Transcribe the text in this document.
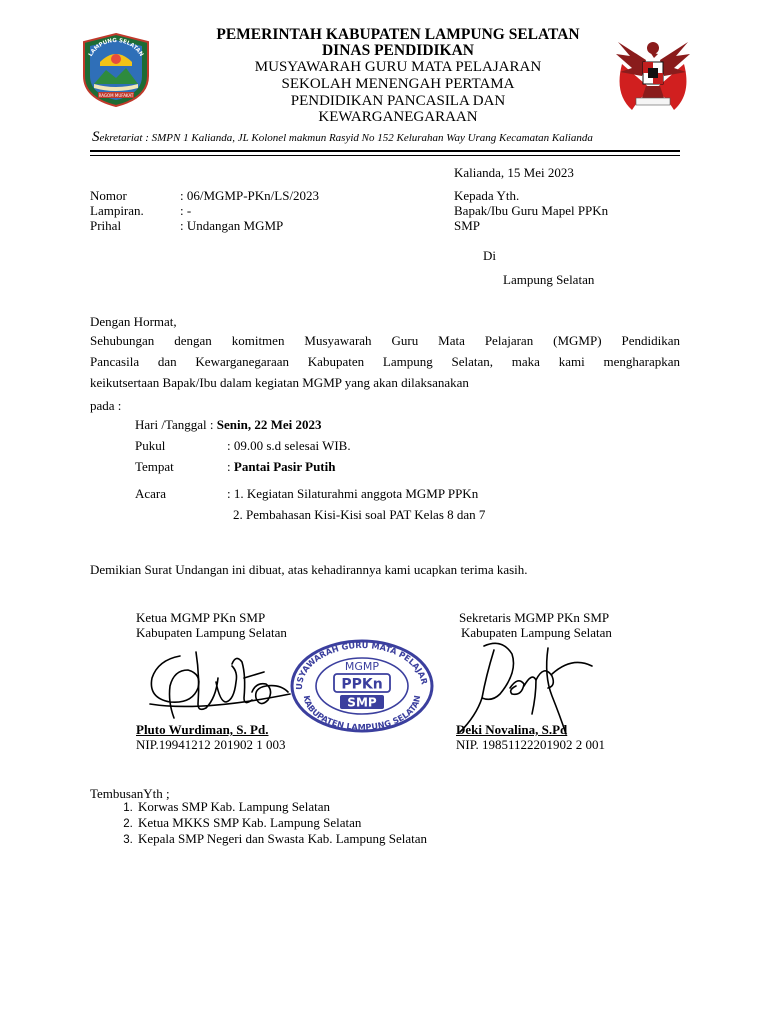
LAMPUNG SELATAN
RAGOM MUFAKAT
PEMERINTAH KABUPATEN LAMPUNG SELATAN
DINAS PENDIDIKAN
MUSYAWARAH GURU MATA PELAJARAN
SEKOLAH MENENGAH PERTAMA
PENDIDIKAN PANCASILA DAN
KEWARGANEGARAAN
Sekretariat : SMPN 1 Kalianda, JL Kolonel makmun Rasyid No 152 Kelurahan Way Urang Kecamatan Kalianda
Kalianda, 15 Mei 2023
Nomor	: 06/MGMP-PKn/LS/2023
Lampiran.	: -
Prihal	: Undangan MGMP
Kepada Yth.
Bapak/Ibu Guru Mapel PPKn
SMP
Di
Lampung Selatan
Dengan Hormat,
Sehubungan dengan komitmen Musyawarah Guru Mata Pelajaran (MGMP) Pendidikan
Pancasila dan Kewarganegaraan Kabupaten Lampung Selatan, maka kami mengharapkan
keikutsertaan Bapak/Ibu dalam kegiatan MGMP yang akan dilaksanakan
pada :
Hari /Tanggal : Senin, 22 Mei 2023
Pukul	: 09.00 s.d selesai WIB.
Tempat	: Pantai Pasir Putih
Acara	: 1. Kegiatan Silaturahmi anggota MGMP PPKn
2. Pembahasan Kisi-Kisi soal PAT Kelas 8 dan 7
Demikian Surat Undangan ini dibuat, atas kehadirannya kami ucapkan terima kasih.
Ketua MGMP PKn SMP
Kabupaten Lampung Selatan
Sekretaris MGMP PKn SMP
Kabupaten Lampung Selatan
USYAWARAH GURU MATA PELAJAR
KABUPATEN LAMPUNG SELATAN
MGMP
PPKn
SMP
Pluto Wurdiman, S. Pd.
NIP.19941212 201902 1 003
Deki Novalina, S.Pd
NIP. 19851122201902 2 001
TembusanYth ;
1. Korwas SMP Kab. Lampung Selatan
2. Ketua MKKS SMP Kab. Lampung Selatan
3. Kepala SMP Negeri dan Swasta Kab. Lampung Selatan
